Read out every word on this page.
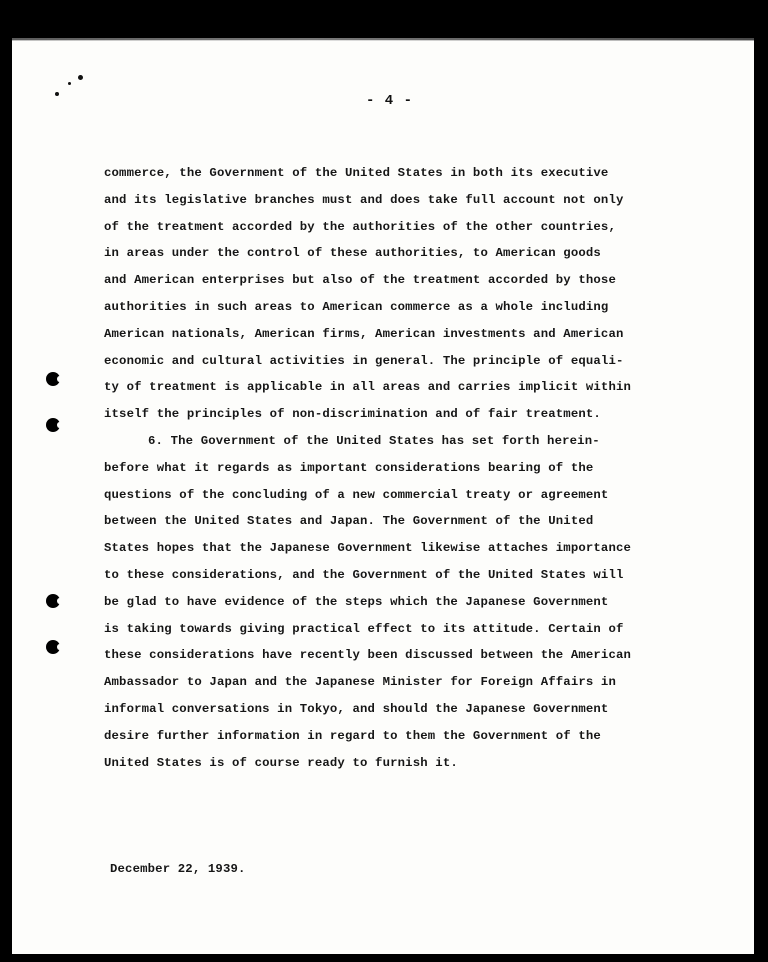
- 4 -
commerce, the Government of the United States in both its executive
and its legislative branches must and does take full account not only
of the treatment accorded by the authorities of the other countries,
in areas under the control of these authorities, to American goods
and American enterprises but also of the treatment accorded by those
authorities in such areas to American commerce as a whole including
American nationals, American firms, American investments and American
economic and cultural activities in general. The principle of equali-
ty of treatment is applicable in all areas and carries implicit within
itself the principles of non-discrimination and of fair treatment.
6. The Government of the United States has set forth herein-
before what it regards as important considerations bearing of the
questions of the concluding of a new commercial treaty or agreement
between the United States and Japan. The Government of the United
States hopes that the Japanese Government likewise attaches importance
to these considerations, and the Government of the United States will
be glad to have evidence of the steps which the Japanese Government
is taking towards giving practical effect to its attitude. Certain of
these considerations have recently been discussed between the American
Ambassador to Japan and the Japanese Minister for Foreign Affairs in
informal conversations in Tokyo, and should the Japanese Government
desire further information in regard to them the Government of the
United States is of course ready to furnish it.
December 22, 1939.
